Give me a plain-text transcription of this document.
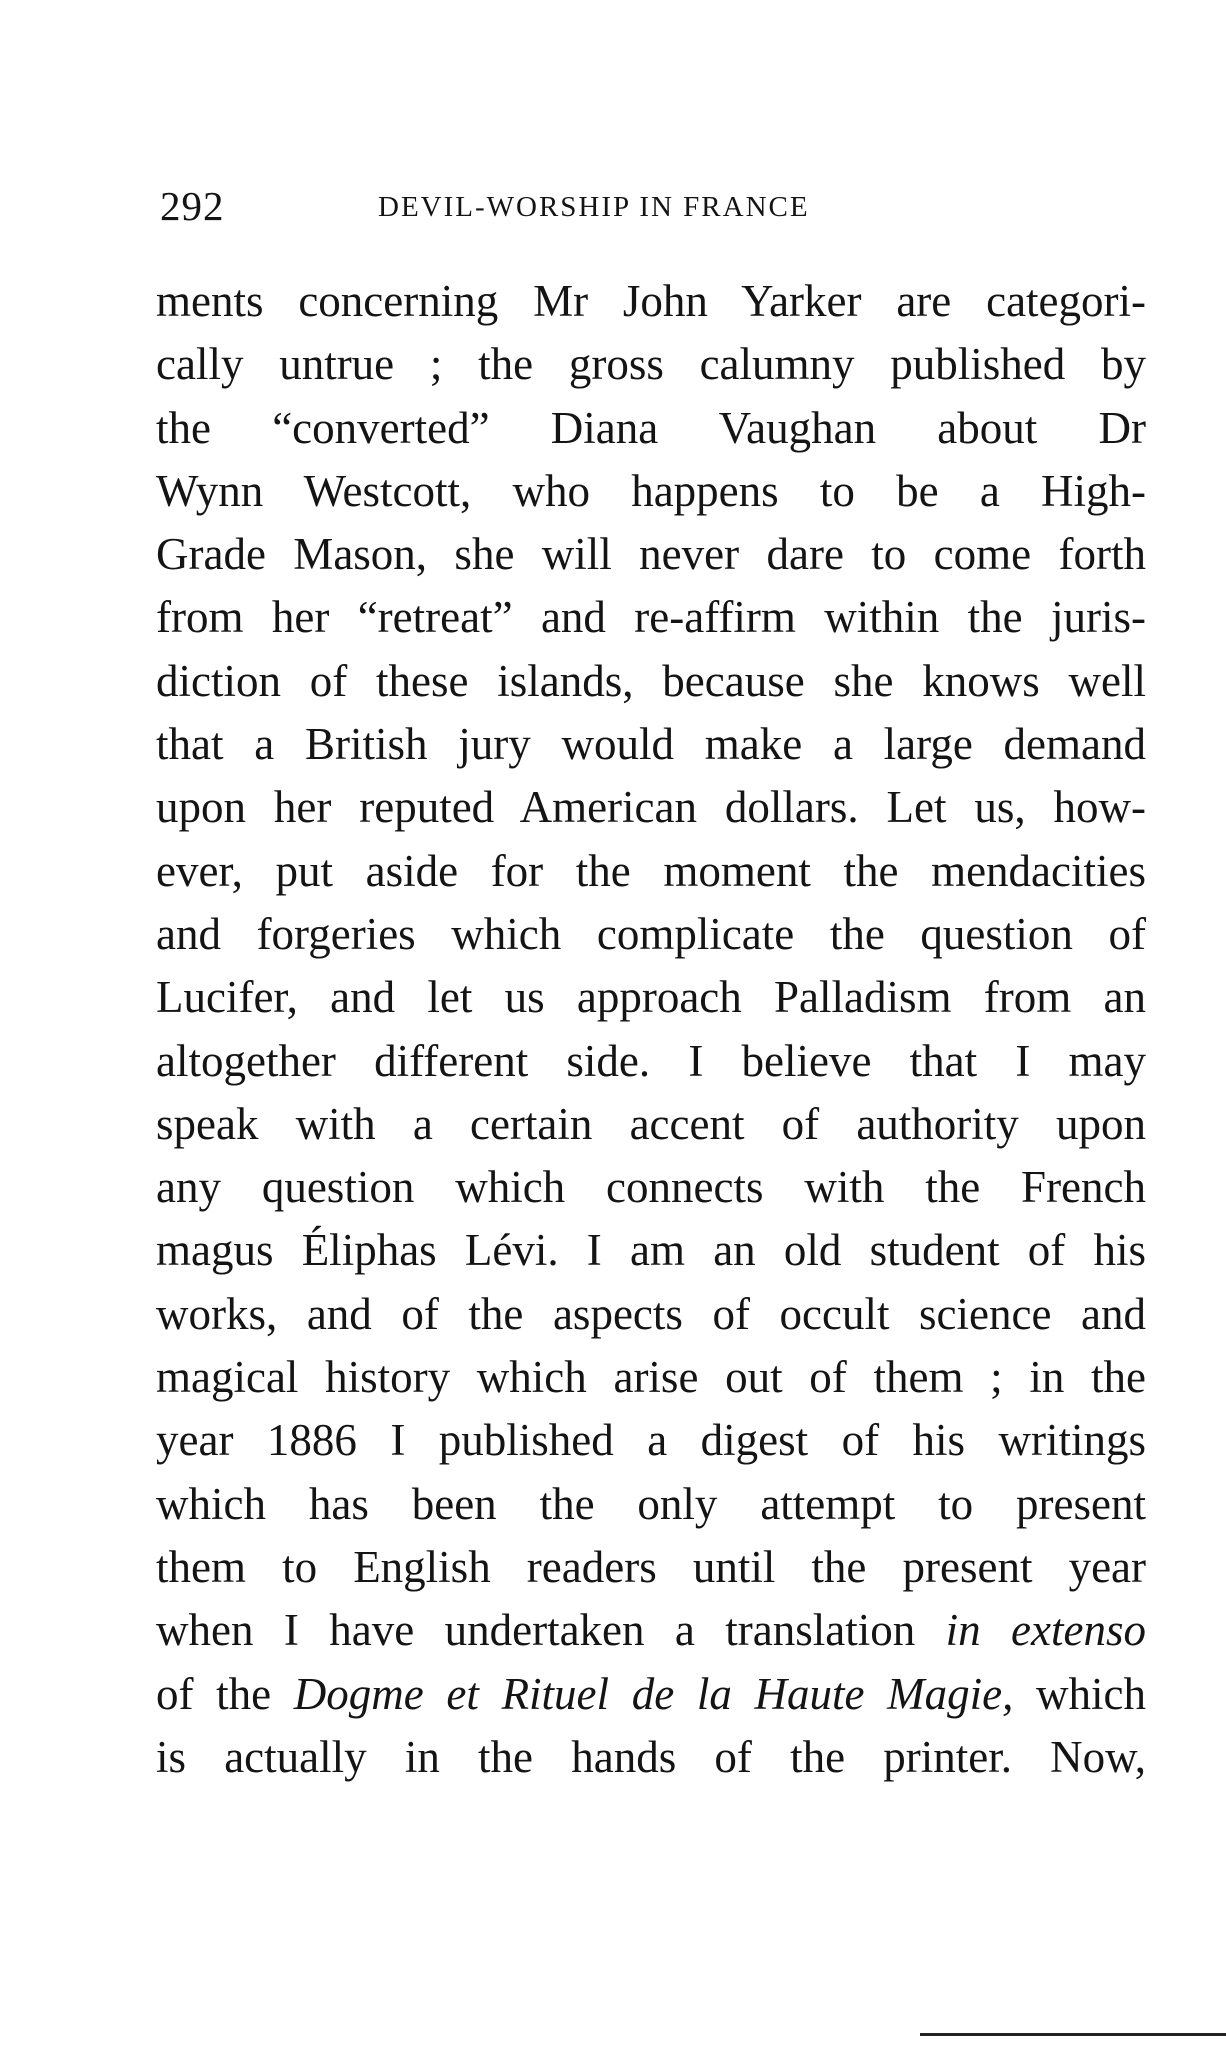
292	DEVIL-WORSHIP IN FRANCE
ments concerning Mr John Yarker are categori-
cally untrue ; the gross calumny published by
the “converted” Diana Vaughan about Dr
Wynn Westcott, who happens to be a High-
Grade Mason, she will never dare to come forth
from her “retreat” and re-affirm within the juris-
diction of these islands, because she knows well
that a British jury would make a large demand
upon her reputed American dollars. Let us, how-
ever, put aside for the moment the mendacities
and forgeries which complicate the question of
Lucifer, and let us approach Palladism from an
altogether different side. I believe that I may
speak with a certain accent of authority upon
any question which connects with the French
magus Éliphas Lévi. I am an old student of his
works, and of the aspects of occult science and
magical history which arise out of them ; in the
year 1886 I published a digest of his writings
which has been the only attempt to present
them to English readers until the present year
when I have undertaken a translation in extenso
of the Dogme et Rituel de la Haute Magie, which
is actually in the hands of the printer. Now,
